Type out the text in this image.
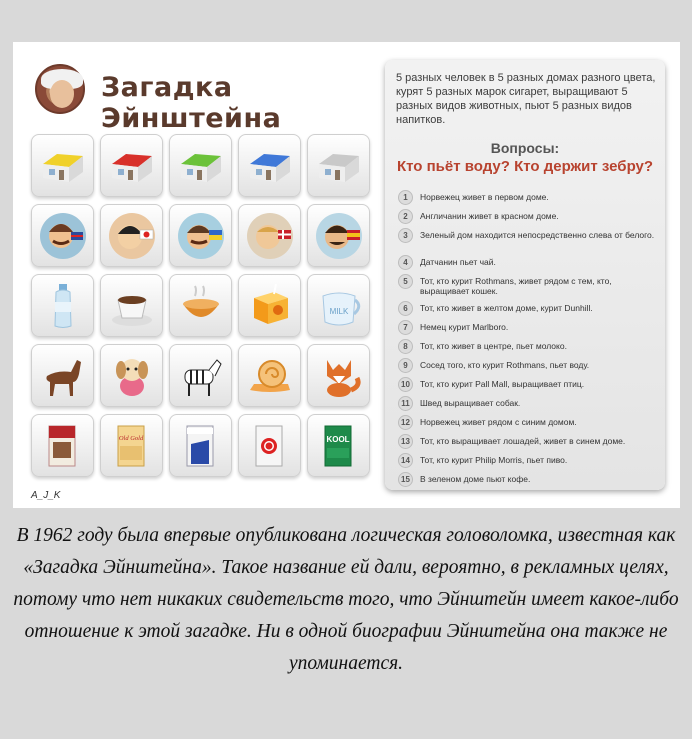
Загадка Эйнштейна
MILK
Old Gold	KOOL
5 разных человек в 5 разных домах разного цвета, курят 5 разных марок сигарет, выращивают 5 разных видов животных, пьют 5 разных видов напитков.
Вопросы:
Кто пьёт воду? Кто держит зебру?
1	Норвежец живет в первом доме.
2	Англичанин живет в красном доме.
3	Зеленый дом находится непосредственно слева от белого.
4	Датчанин пьет чай.
5	Тот, кто курит Rothmans, живет рядом с тем, кто, выращивает кошек.
6	Тот, кто живет в желтом доме, курит Dunhill.
7	Немец курит Marlboro.
8	Тот, кто живет в центре, пьет молоко.
9	Сосед того, кто курит Rothmans, пьет воду.
10	Тот, кто курит Pall Mall, выращивает птиц.
11	Швед выращивает собак.
12	Норвежец живет рядом с синим домом.
13	Тот, кто выращивает лошадей, живет в синем доме.
14	Тот, кто курит Philip Morris, пьет пиво.
15	В зеленом доме пьют кофе.
A_J_K
В 1962 году была впервые опубликована логическая головоломка, известная как «Загадка Эйнштейна». Такое название ей дали, вероятно, в рекламных целях, потому что нет никаких свидетельств того, что Эйнштейн имеет какое-либо отношение к этой загадке. Ни в одной биографии Эйнштейна она также не упоминается.
